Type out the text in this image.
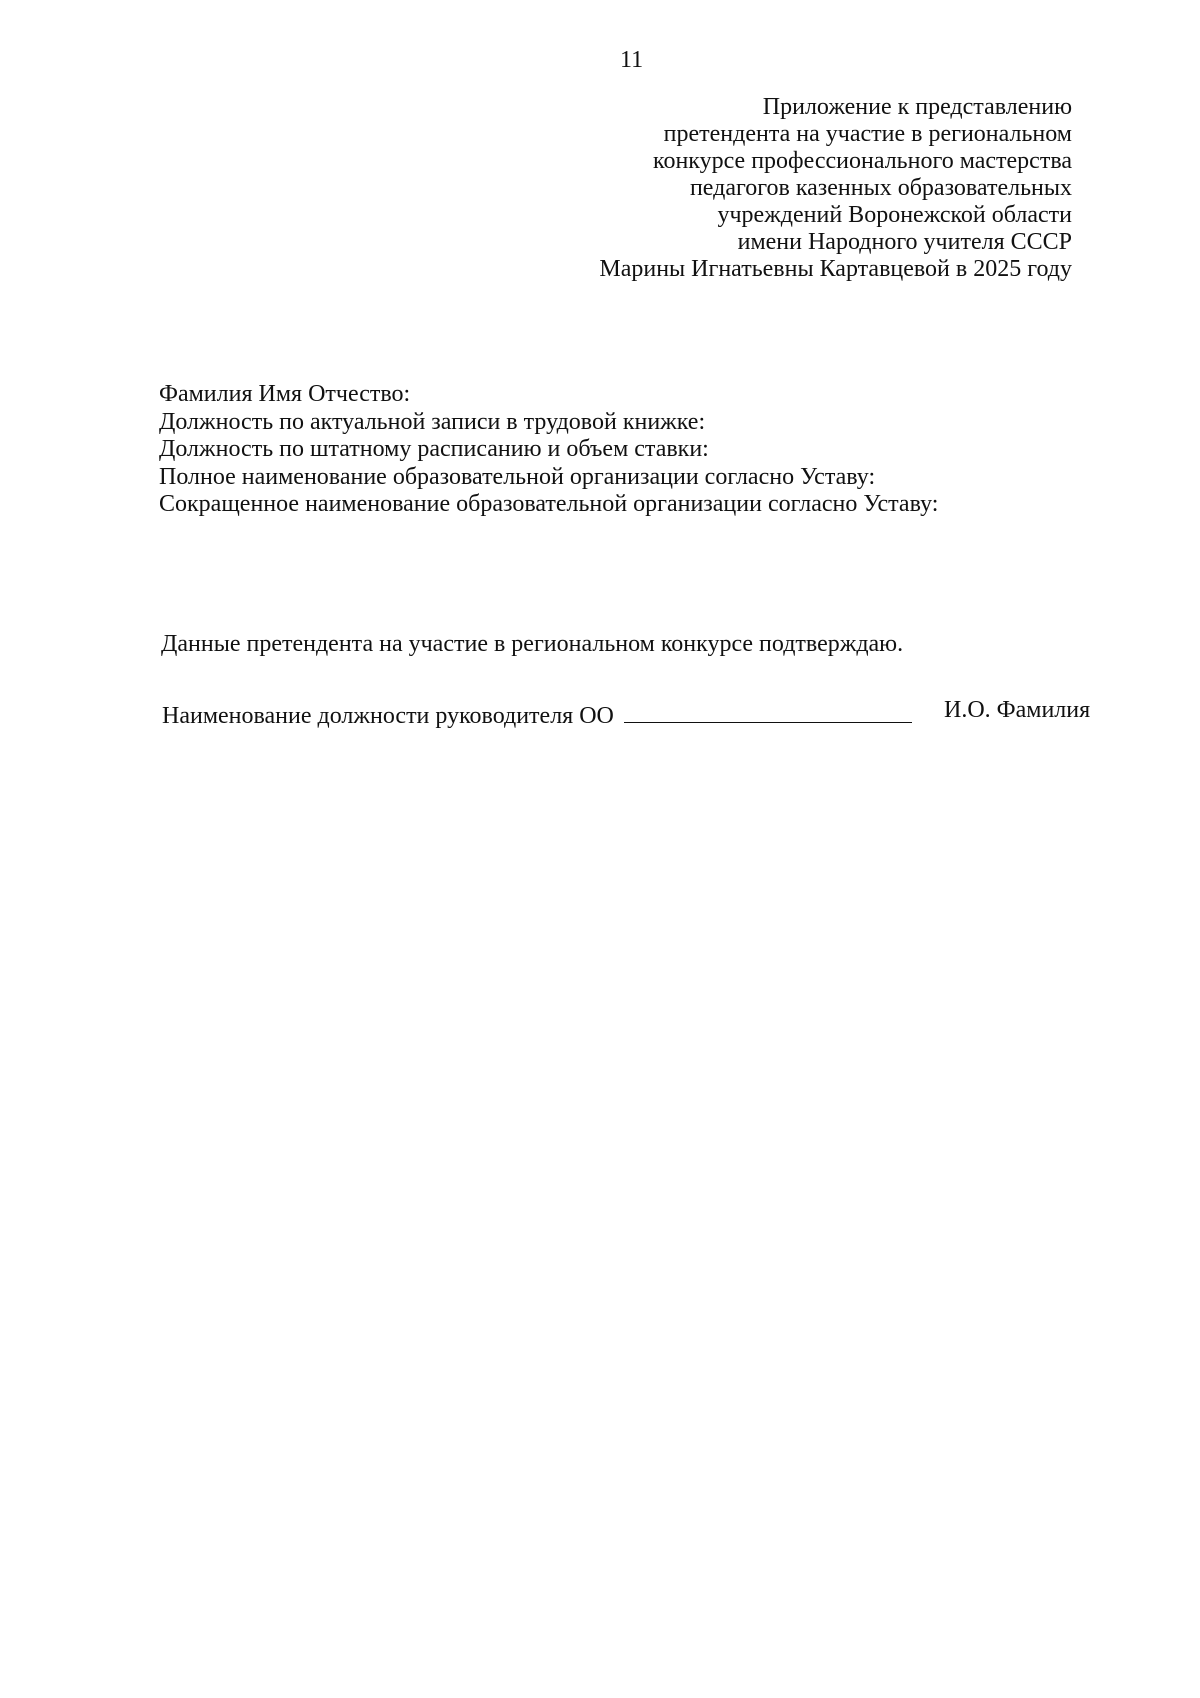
11
Приложение к представлению
претендента на участие в региональном
конкурсе профессионального мастерства
педагогов казенных образовательных
учреждений Воронежской области
имени Народного учителя СССР
Марины Игнатьевны Картавцевой в 2025 году
Фамилия Имя Отчество:
Должность по актуальной записи в трудовой книжке:
Должность по штатному расписанию и объем ставки:
Полное наименование образовательной организации согласно Уставу:
Сокращенное наименование образовательной организации согласно Уставу:
Данные претендента на участие в региональном конкурсе подтверждаю.
Наименование должности руководителя ОО	И.О. Фамилия
